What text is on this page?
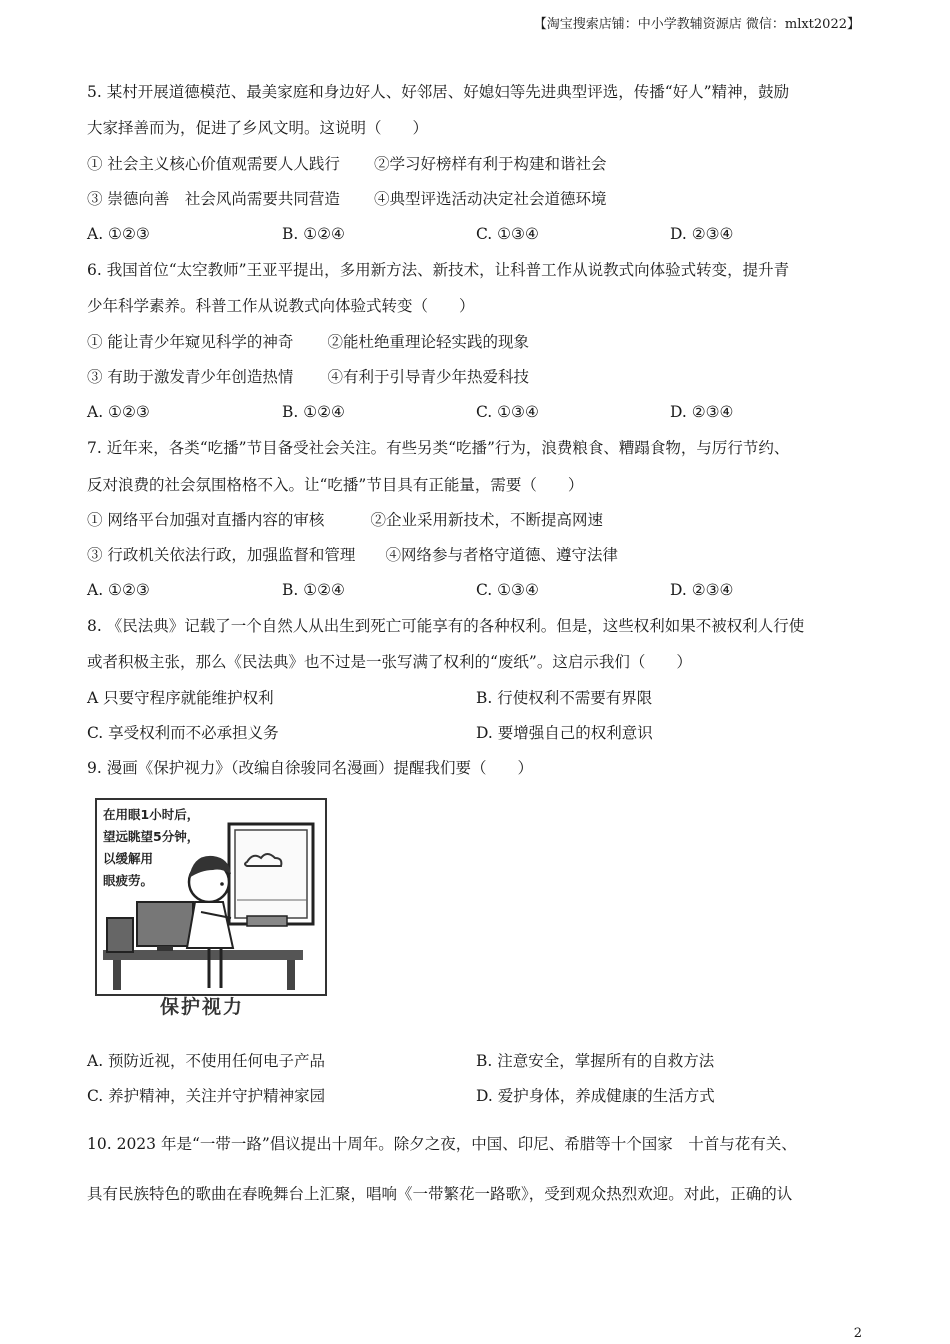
【淘宝搜索店铺：中小学教辅资源店 微信：mlxt2022】
5. 某村开展道德模范、最美家庭和身边好人、好邻居、好媳妇等先进典型评选，传播“好人”精神，鼓励
大家择善而为，促进了乡风文明。这说明（　　）
① 社会主义核心价值观需要人人践行 ②学习好榜样有利于构建和谐社会
③ 崇德向善　社会风尚需要共同营造 ④典型评选活动决定社会道德环境
A. ①②③	B. ①②④	C. ①③④	D. ②③④
6. 我国首位“太空教师”王亚平提出，多用新方法、新技术，让科普工作从说教式向体验式转变，提升青
少年科学素养。科普工作从说教式向体验式转变（　　）
① 能让青少年窥见科学的神奇 ②能杜绝重理论轻实践的现象
③ 有助于激发青少年创造热情 ④有利于引导青少年热爱科技
A. ①②③	B. ①②④	C. ①③④	D. ②③④
7. 近年来，各类“吃播”节目备受社会关注。有些另类“吃播”行为，浪费粮食、糟蹋食物，与厉行节约、
反对浪费的社会氛围格格不入。让“吃播”节目具有正能量，需要（　　）
① 网络平台加强对直播内容的审核	②企业采用新技术，不断提高网速
③ 行政机关依法行政，加强监督和管理 ④网络参与者格守道德、遵守法律
A. ①②③	B. ①②④	C. ①③④	D. ②③④
8. 《民法典》记载了一个自然人从出生到死亡可能享有的各种权利。但是，这些权利如果不被权利人行使
或者积极主张，那么《民法典》也不过是一张写满了权利的“废纸”。这启示我们（　　）
A 只要守程序就能维护权利	B. 行使权利不需要有界限
C. 享受权利而不必承担义务	D. 要增强自己的权利意识
9. 漫画《保护视力》（改编自徐骏同名漫画）提醒我们要（　　）
在用眼1小时后，
望远眺望5分钟，
以缓解用
眼疲劳。
保护视力
A. 预防近视，不使用任何电子产品	B. 注意安全，掌握所有的自救方法
C. 养护精神，关注并守护精神家园	D. 爱护身体，养成健康的生活方式
10. 2023 年是“一带一路”倡议提出十周年。除夕之夜，中国、印尼、希腊等十个国家　十首与花有关、
具有民族特色的歌曲在春晚舞台上汇聚，唱响《一带繁花一路歌》，受到观众热烈欢迎。对此，正确的认
2
